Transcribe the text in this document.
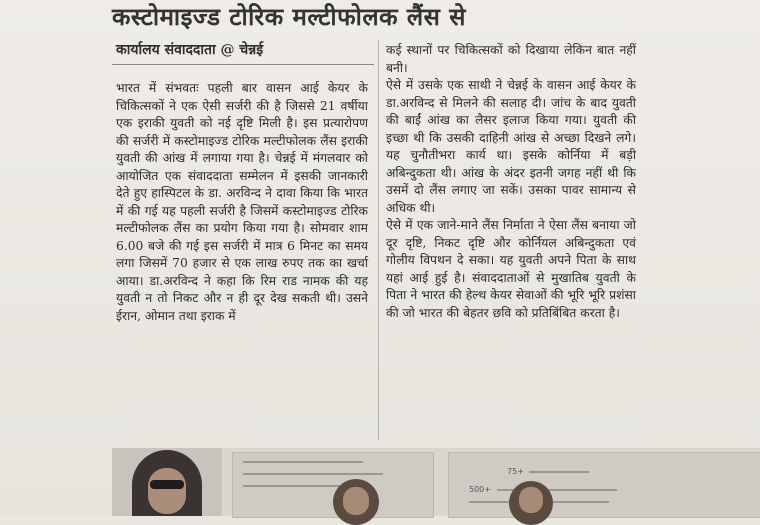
कस्टोमाइज्ड टोरिक मल्टीफोलक लैंस से
कार्यालय संवाददाता @ चेन्नई

भारत में संभवतः पहली बार वासन आई केयर के चिकित्सकों ने एक ऐसी सर्जरी की है जिससे 21 वर्षीया एक इराकी युवती को नई दृष्टि मिली है। इस प्रत्यारोपण की सर्जरी में कस्टोमाइज्ड टोरिक मल्टीफोलक लैंस इराकी युवती की आंख में लगाया गया है। चेन्नई में मंगलवार को आयोजित एक संवाददाता सम्मेलन में इसकी जानकारी देते हुए हास्पिटल के डा. अरविन्द ने दावा किया कि भारत में की गई यह पहली सर्जरी है जिसमें कस्टोमाइज्ड टोरिक मल्टीफोलक लैंस का प्रयोग किया गया है। सोमवार शाम 6.00 बजे की गई इस सर्जरी में मात्र 6 मिनट का समय लगा जिसमें 70 हजार से एक लाख रुपए तक का खर्चा आया। डा.अरविन्द ने कहा कि रिम राड नामक की यह युवती न तो निकट और न ही दूर देख सकती थी। उसने ईरान, ओमान तथा इराक में

कई स्थानों पर चिकित्सकों को दिखाया लेकिन बात नहीं बनी।

ऐसे में उसके एक साथी ने चेन्नई के वासन आई केयर के डा.अरविन्द से मिलने की सलाह दी। जांच के बाद युवती की बाईं आंख का लैसर इलाज किया गया। युवती की इच्छा थी कि उसकी दाहिनी आंख से अच्छा दिखने लगे। यह चुनौतीभरा कार्य था। इसके कोर्निया में बड़ी अबिन्दुकता थी। आंख के अंदर इतनी जगह नहीं थी कि उसमें दो लैंस लगाए जा सकें। उसका पावर सामान्य से अधिक थी।

ऐसे में एक जाने-माने लैंस निर्माता ने ऐसा लैंस बनाया जो दूर दृष्टि, निकट दृष्टि और कोर्नियल अबिन्दुकता एवं गोलीय विपथन दे सका। यह युवती अपने पिता के साथ यहां आई हुई है। संवाददाताओं से मुखातिब युवती के पिता ने भारत की हेल्थ केयर सेवाओं की भूरि भूरि प्रशंसा की जो भारत की बेहतर छवि को प्रतिबिंबित करता है।

75+
500+
